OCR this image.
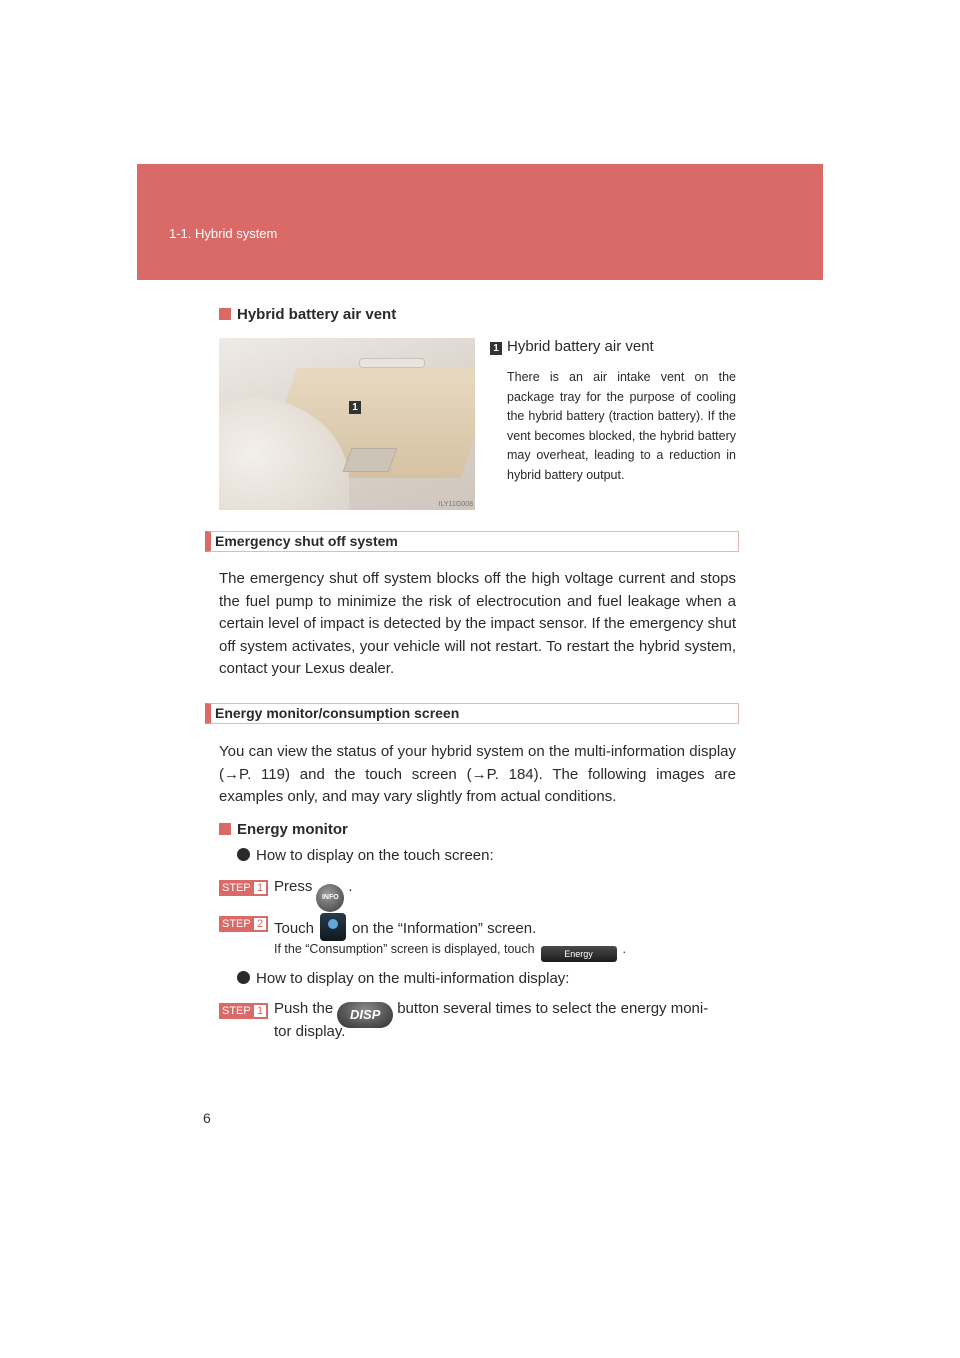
1-1. Hybrid system
Hybrid battery air vent
1
ILY11G008
1 Hybrid battery air vent
There is an air intake vent on the package tray for the purpose of cooling the hybrid battery (traction battery). If the vent becomes blocked, the hybrid battery may overheat, leading to a reduction in hybrid battery output.
Emergency shut off system
The emergency shut off system blocks off the high voltage current and stops the fuel pump to minimize the risk of electrocution and fuel leakage when a certain level of impact is detected by the impact sensor. If the emergency shut off system activates, your vehicle will not restart. To restart the hybrid system, contact your Lexus dealer.
Energy monitor/consumption screen
You can view the status of your hybrid system on the multi-information display (→P. 119) and the touch screen (→P. 184). The following images are examples only, and may vary slightly from actual conditions.
Energy monitor
How to display on the touch screen:
STEP 1 PressINFO.
STEP 2 Touch	on the “Information” screen.
If the “Consumption” screen is displayed, touch	Energy .
How to display on the multi-information display:
STEP 1 Push the DISP button several times to select the energy moni-
tor display.
6
